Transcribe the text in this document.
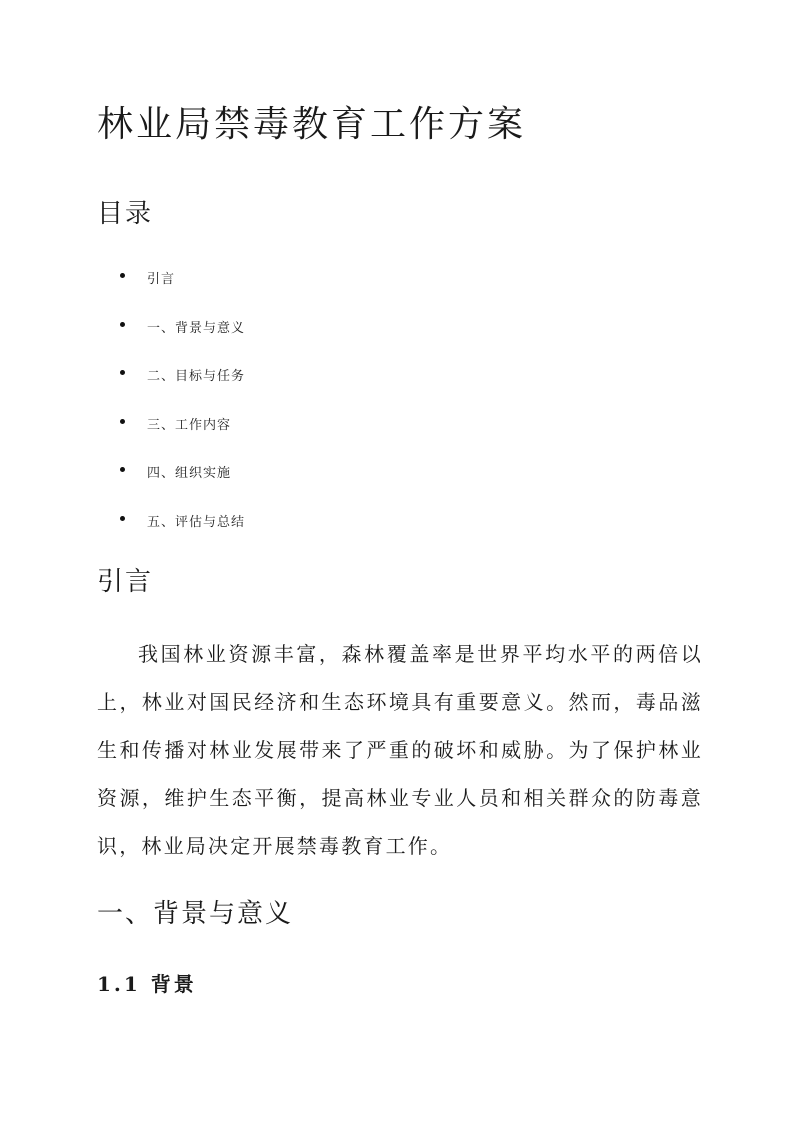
林业局禁毒教育工作方案
目录
引言
一、背景与意义
二、目标与任务
三、工作内容
四、组织实施
五、评估与总结
引言

我国林业资源丰富，森林覆盖率是世界平均水平的两倍以上，林业对国民经济和生态环境具有重要意义。然而，毒品滋生和传播对林业发展带来了严重的破坏和威胁。为了保护林业资源，维护生态平衡，提高林业专业人员和相关群众的防毒意识，林业局决定开展禁毒教育工作。

一、背景与意义
1.1 背景
